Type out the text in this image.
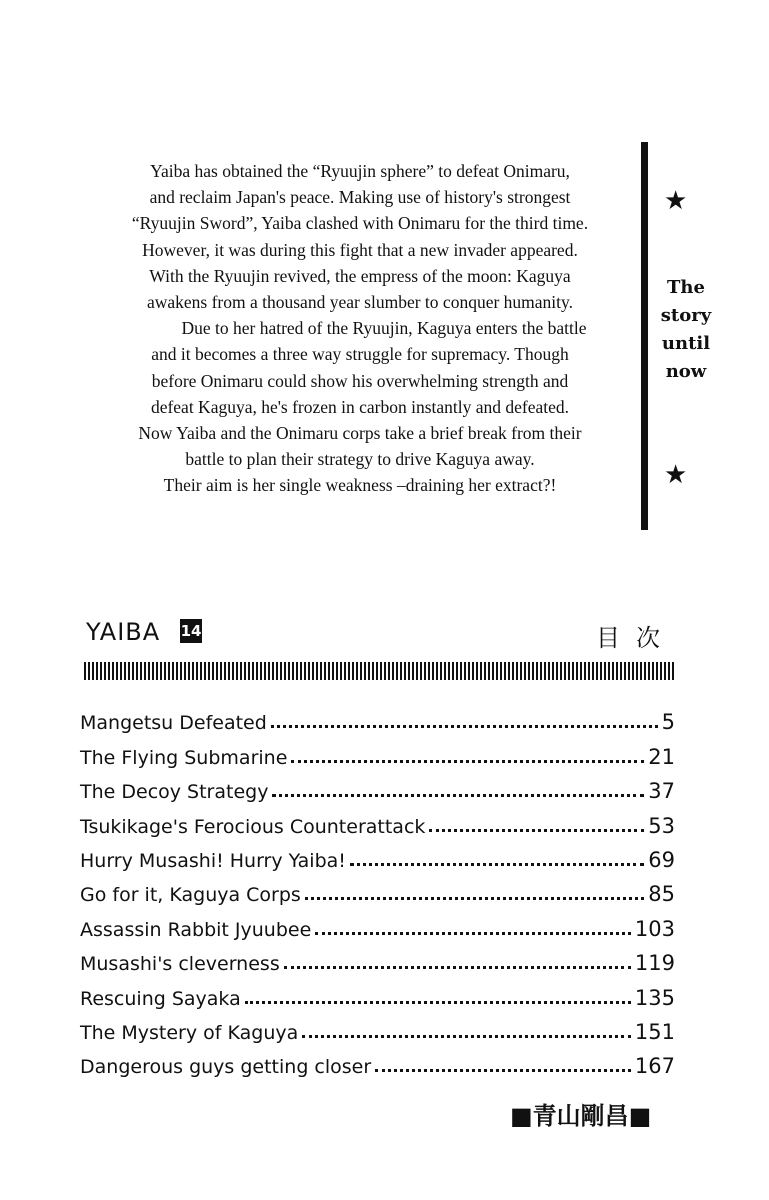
Yaiba has obtained the “Ryuujin sphere” to defeat Onimaru,

and reclaim Japan's peace. Making use of history's strongest

“Ryuujin Sword”, Yaiba clashed with Onimaru for the third time.

However, it was during this fight that a new invader appeared.

With the Ryuujin revived, the empress of the moon: Kaguya

awakens from a thousand year slumber to conquer humanity.

Due to her hatred of the Ryuujin, Kaguya enters the battle

and it becomes a three way struggle for supremacy. Though

before Onimaru could show his overwhelming strength and

defeat Kaguya, he's frozen in carbon instantly and defeated.

Now Yaiba and the Onimaru corps take a brief break from their

battle to plan their strategy to drive Kaguya away.

Their aim is her single weakness –draining her extract?!

★
The
story
until
now
★
YAIBA 14	目次
Mangetsu Defeated	5
The Flying Submarine	21
The Decoy Strategy	37
Tsukikage's Ferocious Counterattack	53
Hurry Musashi! Hurry Yaiba!	69
Go for it, Kaguya Corps	85
Assassin Rabbit Jyuubee	103
Musashi's cleverness	119
Rescuing Sayaka	135
The Mystery of Kaguya	151
Dangerous guys getting closer	167
■青山剛昌■
